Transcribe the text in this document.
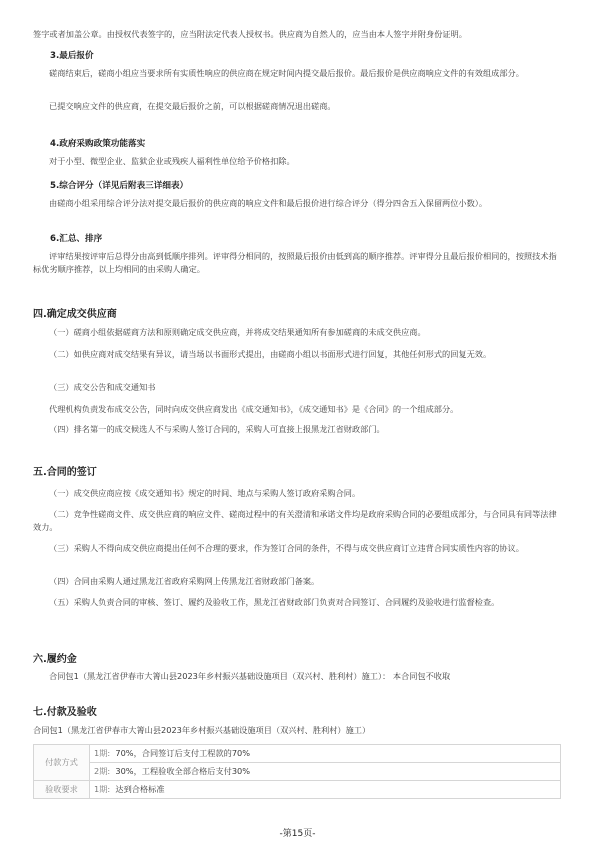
签字或者加盖公章。由授权代表签字的，应当附法定代表人授权书。供应商为自然人的，应当由本人签字并附身份证明。
3.最后报价
磋商结束后，磋商小组应当要求所有实质性响应的供应商在规定时间内提交最后报价。最后报价是供应商响应文件的有效组成部分。
已提交响应文件的供应商，在提交最后报价之前，可以根据磋商情况退出磋商。
4.政府采购政策功能落实
对于小型、微型企业、监狱企业或残疾人福利性单位给予价格扣除。
5.综合评分（详见后附表三详细表）
由磋商小组采用综合评分法对提交最后报价的供应商的响应文件和最后报价进行综合评分（得分四舍五入保留两位小数）。
6.汇总、排序
评审结果按评审后总得分由高到低顺序排列。评审得分相同的，按照最后报价由低到高的顺序推荐。评审得分且最后报价相同的，按照技术指标优劣顺序推荐，以上均相同的由采购人确定。
四.确定成交供应商
（一）磋商小组依据磋商方法和原则确定成交供应商，并将成交结果通知所有参加磋商的未成交供应商。
（二）如供应商对成交结果有异议，请当场以书面形式提出，由磋商小组以书面形式进行回复，其他任何形式的回复无效。
（三）成交公告和成交通知书
代理机构负责发布成交公告，同时向成交供应商发出《成交通知书》，《成交通知书》是《合同》的一个组成部分。
（四）排名第一的成交候选人不与采购人签订合同的，采购人可直接上报黑龙江省财政部门。
五.合同的签订
（一）成交供应商应按《成交通知书》规定的时间、地点与采购人签订政府采购合同。
（二）竞争性磋商文件、成交供应商的响应文件、磋商过程中的有关澄清和承诺文件均是政府采购合同的必要组成部分，与合同具有同等法律效力。
（三）采购人不得向成交供应商提出任何不合理的要求，作为签订合同的条件，不得与成交供应商订立违背合同实质性内容的协议。
（四）合同由采购人通过黑龙江省政府采购网上传黑龙江省财政部门备案。
（五）采购人负责合同的审核、签订、履约及验收工作，黑龙江省财政部门负责对合同签订、合同履约及验收进行监督检查。
六.履约金
合同包1（黑龙江省伊春市大箐山县2023年乡村振兴基础设施项目（双兴村、胜利村）施工）： 本合同包不收取
七.付款及验收
合同包1（黑龙江省伊春市大箐山县2023年乡村振兴基础设施项目（双兴村、胜利村）施工）
付款方式	1期: 70%，合同签订后支付工程款的70%
	2期: 30%，工程验收全部合格后支付30%
验收要求	1期: 达到合格标准
-第15页-
